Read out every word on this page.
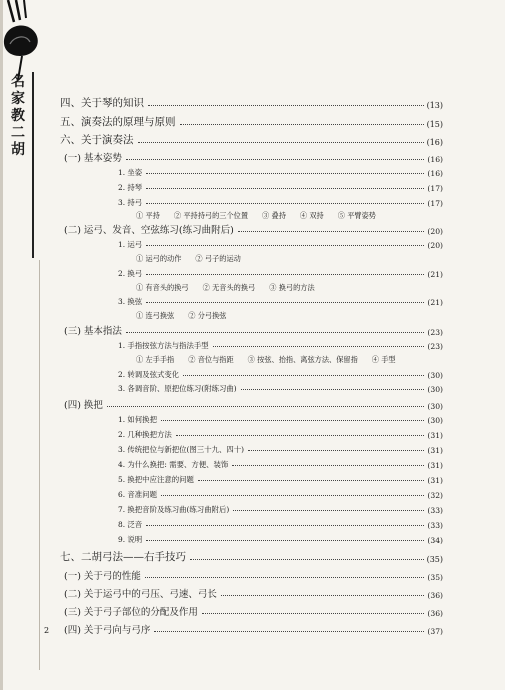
名
家
教
二
胡
四、关于琴的知识	(13)
五、演奏法的原理与原则	(15)
六、关于演奏法	(16)
(一) 基本姿势	(16)
1. 坐姿	(16)
2. 持琴	(17)
3. 持弓	(17)
① 平持 ② 平持持弓的三个位置 ③ 叠持 ④ 双持 ⑤ 平臂姿势
(二) 运弓、发音、空弦练习(练习曲附后)	(20)
1. 运弓	(20)
① 运弓的动作 ② 弓子的运动
2. 换弓	(21)
① 有音头的换弓 ② 无音头的换弓 ③ 换弓的方法
3. 换弦	(21)
① 连弓换弦 ② 分弓换弦
(三) 基本指法	(23)
1. 手指按弦方法与指法手型	(23)
① 左手手指 ② 音位与指距 ③ 按弦、抬指、离弦方法、保留指 ④ 手型
2. 转调及弦式变化	(30)
3. 各调音阶、原把位练习(附练习曲)	(30)
(四) 换把	(30)
1. 如何换把	(30)
2. 几种换把方法	(31)
3. 传统把位与新把位(图三十九、四十)	(31)
4. 为什么换把: 需要、方便、装饰	(31)
5. 换把中应注意的问题	(31)
6. 音准问题	(32)
7. 换把音阶及练习曲(练习曲附后)	(33)
8. 泛音	(33)
9. 说明	(34)
七、二胡弓法——右手技巧	(35)
(一) 关于弓的性能	(35)
(二) 关于运弓中的弓压、弓速、弓长	(36)
(三) 关于弓子部位的分配及作用	(36)
(四) 关于弓向与弓序	(37)
2
